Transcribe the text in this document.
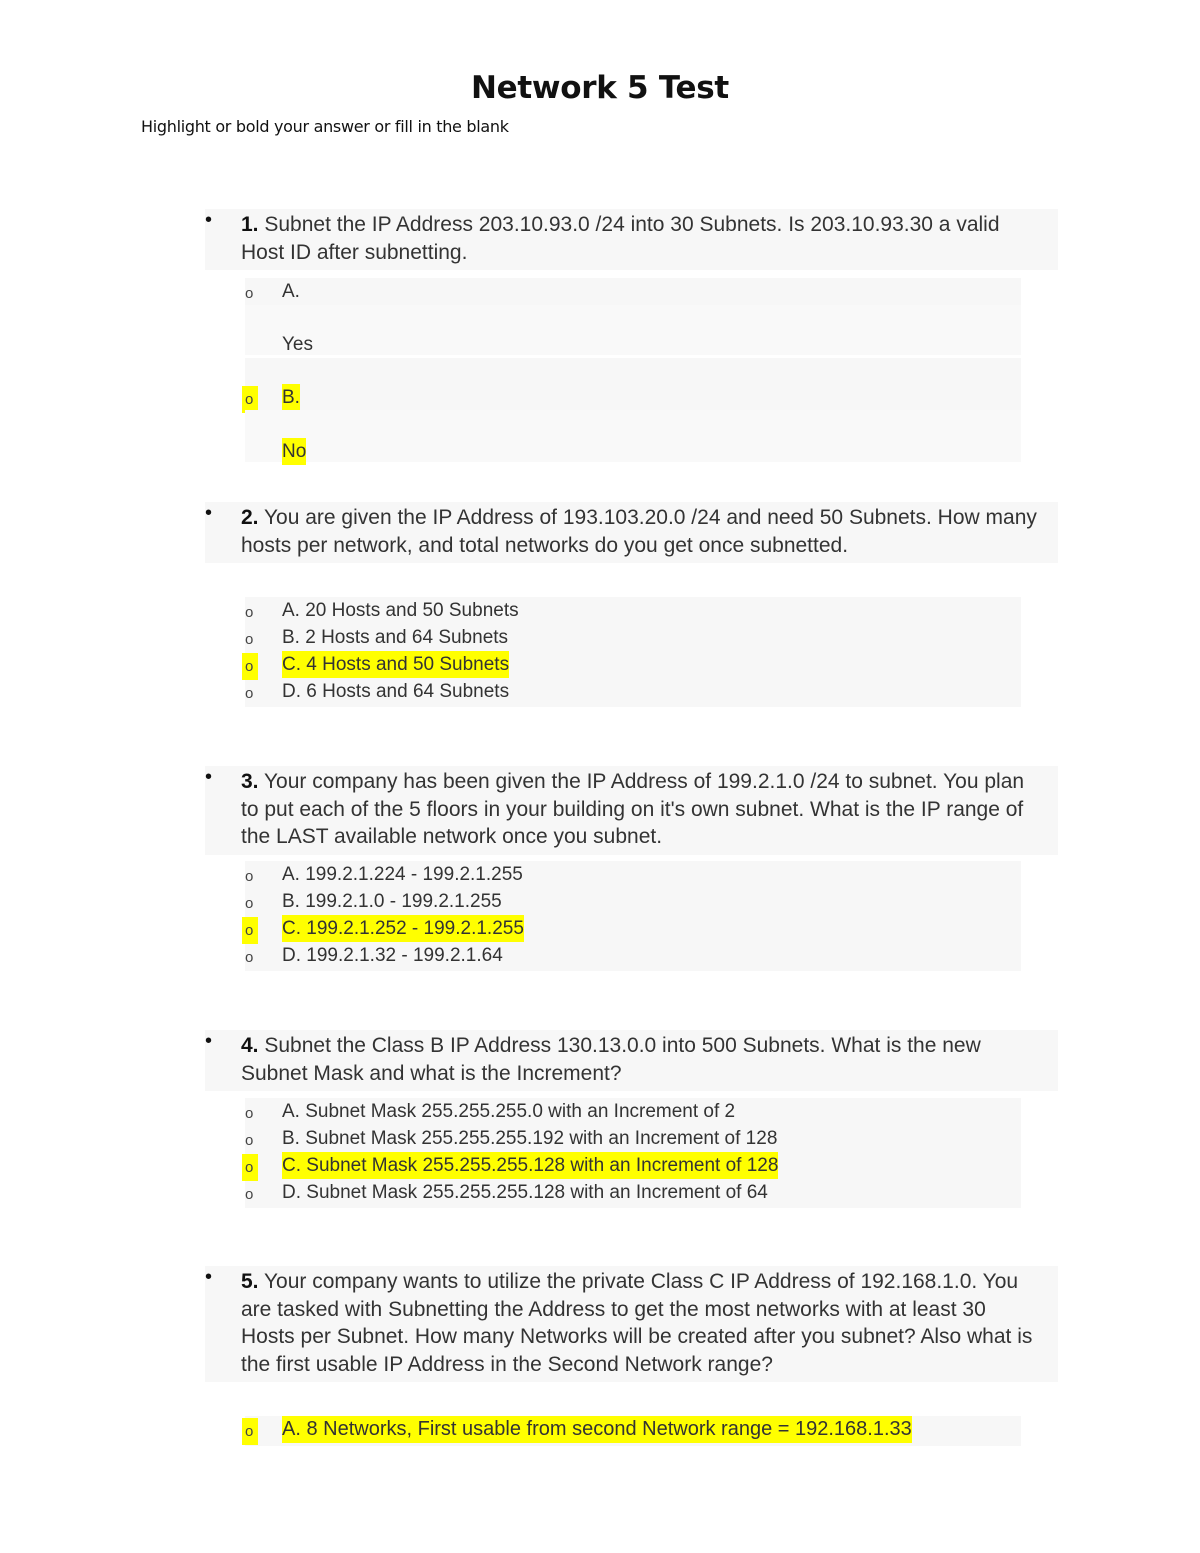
Network 5 Test
Highlight or bold your answer or fill in the blank
• 1. Subnet the IP Address 203.10.93.0 /24 into 30 Subnets. Is 203.10.93.30 a valid Host ID after subnetting.
o A.
Yes
o B.
No
• 2. You are given the IP Address of 193.103.20.0 /24 and need 50 Subnets. How many hosts per network, and total networks do you get once subnetted.
o A. 20 Hosts and 50 Subnets
o B. 2 Hosts and 64 Subnets
o C. 4 Hosts and 50 Subnets
o D. 6 Hosts and 64 Subnets
• 3. Your company has been given the IP Address of 199.2.1.0 /24 to subnet. You plan to put each of the 5 floors in your building on it's own subnet. What is the IP range of the LAST available network once you subnet.
o A. 199.2.1.224 - 199.2.1.255
o B. 199.2.1.0 - 199.2.1.255
o C. 199.2.1.252 - 199.2.1.255
o D. 199.2.1.32 - 199.2.1.64
• 4. Subnet the Class B IP Address 130.13.0.0 into 500 Subnets. What is the new Subnet Mask and what is the Increment?
o A. Subnet Mask 255.255.255.0 with an Increment of 2
o B. Subnet Mask 255.255.255.192 with an Increment of 128
o C. Subnet Mask 255.255.255.128 with an Increment of 128
o D. Subnet Mask 255.255.255.128 with an Increment of 64
• 5. Your company wants to utilize the private Class C IP Address of 192.168.1.0. You are tasked with Subnetting the Address to get the most networks with at least 30 Hosts per Subnet. How many Networks will be created after you subnet? Also what is the first usable IP Address in the Second Network range?
o A. 8 Networks, First usable from second Network range = 192.168.1.33
